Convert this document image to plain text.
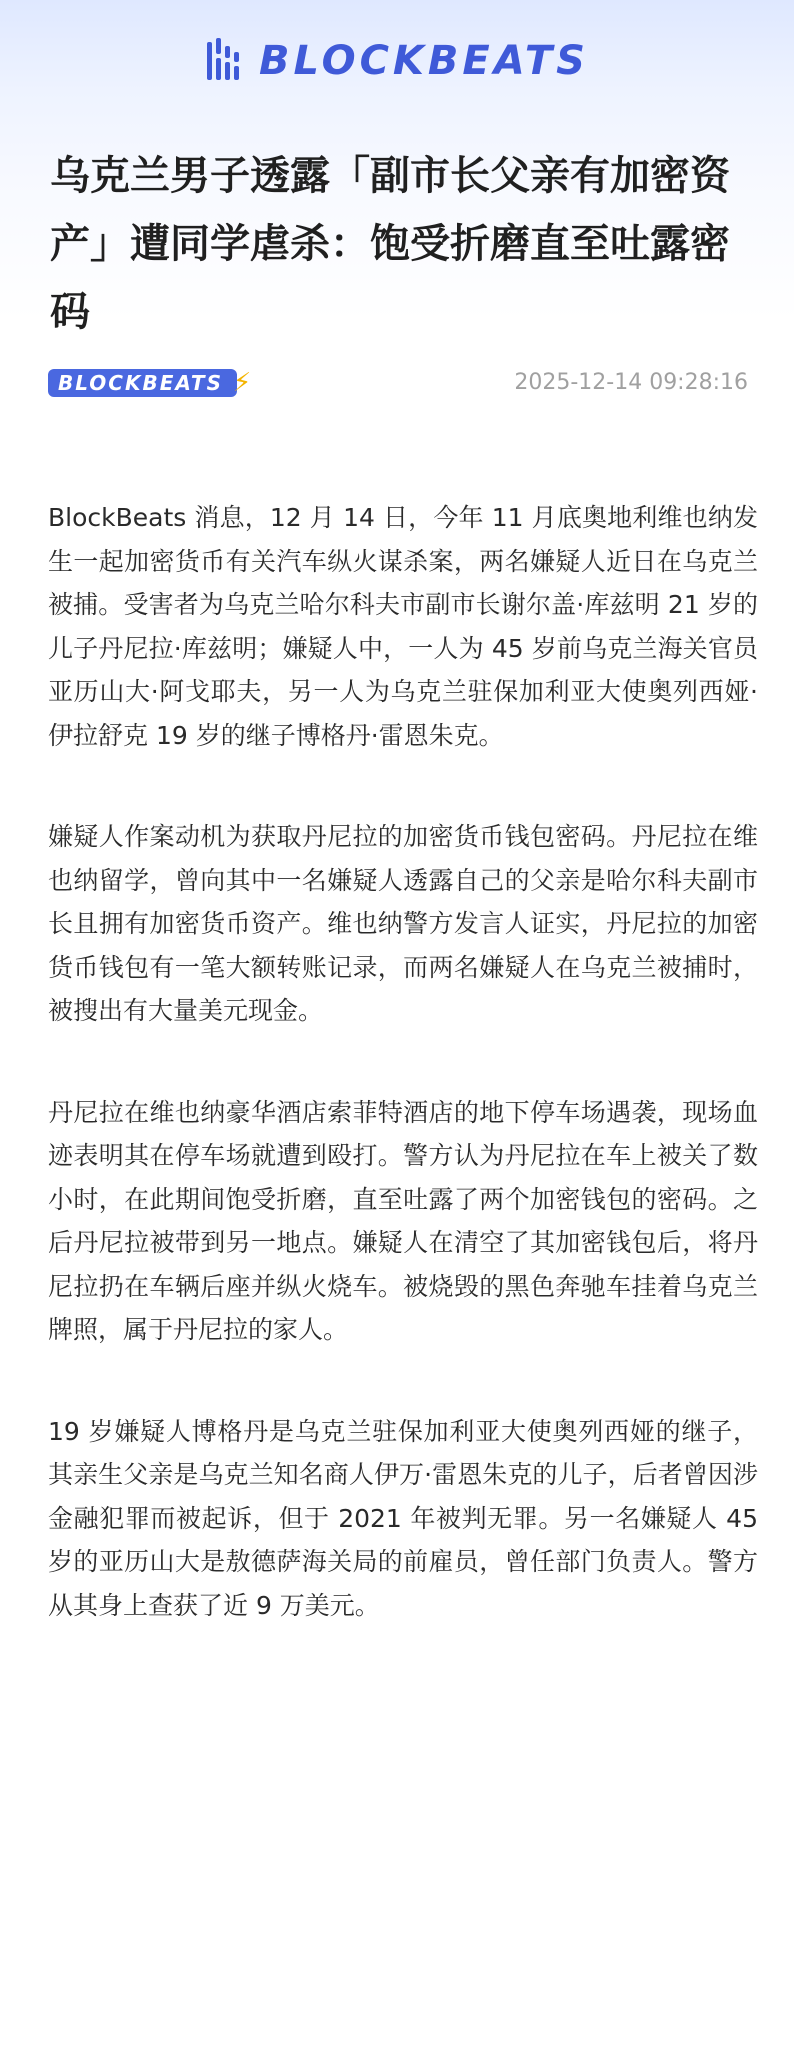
BLOCKBEATS
乌克兰男子透露「副市长父亲有加密资产」遭同学虐杀：饱受折磨直至吐露密码
BLOCKBEATS ⚡	2025-12-14 09:28:16

BlockBeats 消息，12 月 14 日，今年 11 月底奥地利维也纳发生一起加密货币有关汽车纵火谋杀案，两名嫌疑人近日在乌克兰被捕。受害者为乌克兰哈尔科夫市副市长谢尔盖·库兹明 21 岁的儿子丹尼拉·库兹明；嫌疑人中，一人为 45 岁前乌克兰海关官员亚历山大·阿戈耶夫，另一人为乌克兰驻保加利亚大使奥列西娅·伊拉舒克 19 岁的继子博格丹·雷恩朱克。

嫌疑人作案动机为获取丹尼拉的加密货币钱包密码。丹尼拉在维也纳留学，曾向其中一名嫌疑人透露自己的父亲是哈尔科夫副市长且拥有加密货币资产。维也纳警方发言人证实，丹尼拉的加密货币钱包有一笔大额转账记录，而两名嫌疑人在乌克兰被捕时，被搜出有大量美元现金。

丹尼拉在维也纳豪华酒店索菲特酒店的地下停车场遇袭，现场血迹表明其在停车场就遭到殴打。警方认为丹尼拉在车上被关了数小时，在此期间饱受折磨，直至吐露了两个加密钱包的密码。之后丹尼拉被带到另一地点。嫌疑人在清空了其加密钱包后，将丹尼拉扔在车辆后座并纵火烧车。被烧毁的黑色奔驰车挂着乌克兰牌照，属于丹尼拉的家人。

19 岁嫌疑人博格丹是乌克兰驻保加利亚大使奥列西娅的继子，其亲生父亲是乌克兰知名商人伊万·雷恩朱克的儿子，后者曾因涉金融犯罪而被起诉，但于 2021 年被判无罪。另一名嫌疑人 45 岁的亚历山大是敖德萨海关局的前雇员，曾任部门负责人。警方从其身上查获了近 9 万美元。
